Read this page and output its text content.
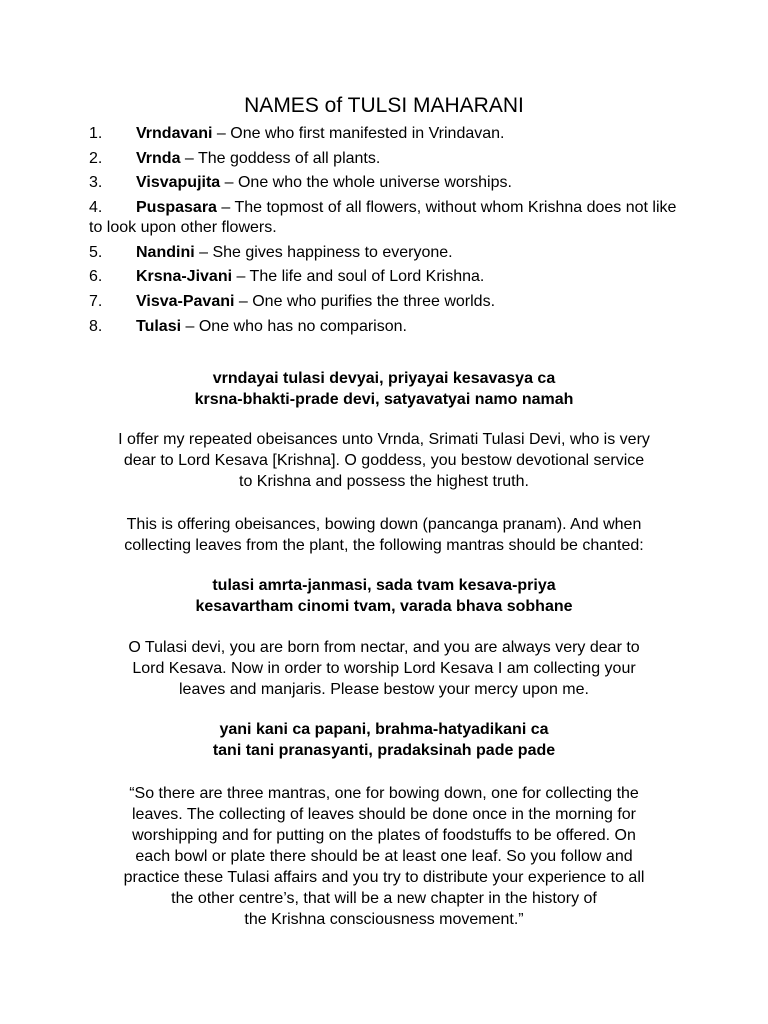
NAMES of TULSI MAHARANI
1. Vrndavani – One who first manifested in Vrindavan.
2. Vrnda – The goddess of all plants.
3. Visvapujita – One who the whole universe worships.
4. Puspasara – The topmost of all flowers, without whom Krishna does not like to look upon other flowers.
5. Nandini – She gives happiness to everyone.
6. Krsna-Jivani – The life and soul of Lord Krishna.
7. Visva-Pavani – One who purifies the three worlds.
8. Tulasi – One who has no comparison.

vrndayai tulasi devyai, priyayai kesavasya ca
krsna-bhakti-prade devi, satyavatyai namo namah

I offer my repeated obeisances unto Vrnda, Srimati Tulasi Devi, who is very
dear to Lord Kesava [Krishna]. O goddess, you bestow devotional service
to Krishna and possess the highest truth.

This is offering obeisances, bowing down (pancanga pranam). And when
collecting leaves from the plant, the following mantras should be chanted:

tulasi amrta-janmasi, sada tvam kesava-priya
kesavartham cinomi tvam, varada bhava sobhane

O Tulasi devi, you are born from nectar, and you are always very dear to
Lord Kesava. Now in order to worship Lord Kesava I am collecting your
leaves and manjaris. Please bestow your mercy upon me.

yani kani ca papani, brahma-hatyadikani ca
tani tani pranasyanti, pradaksinah pade pade

“So there are three mantras, one for bowing down, one for collecting the
leaves. The collecting of leaves should be done once in the morning for
worshipping and for putting on the plates of foodstuffs to be offered. On
each bowl or plate there should be at least one leaf. So you follow and
practice these Tulasi affairs and you try to distribute your experience to all
the other centre’s, that will be a new chapter in the history of
the Krishna consciousness movement.”
